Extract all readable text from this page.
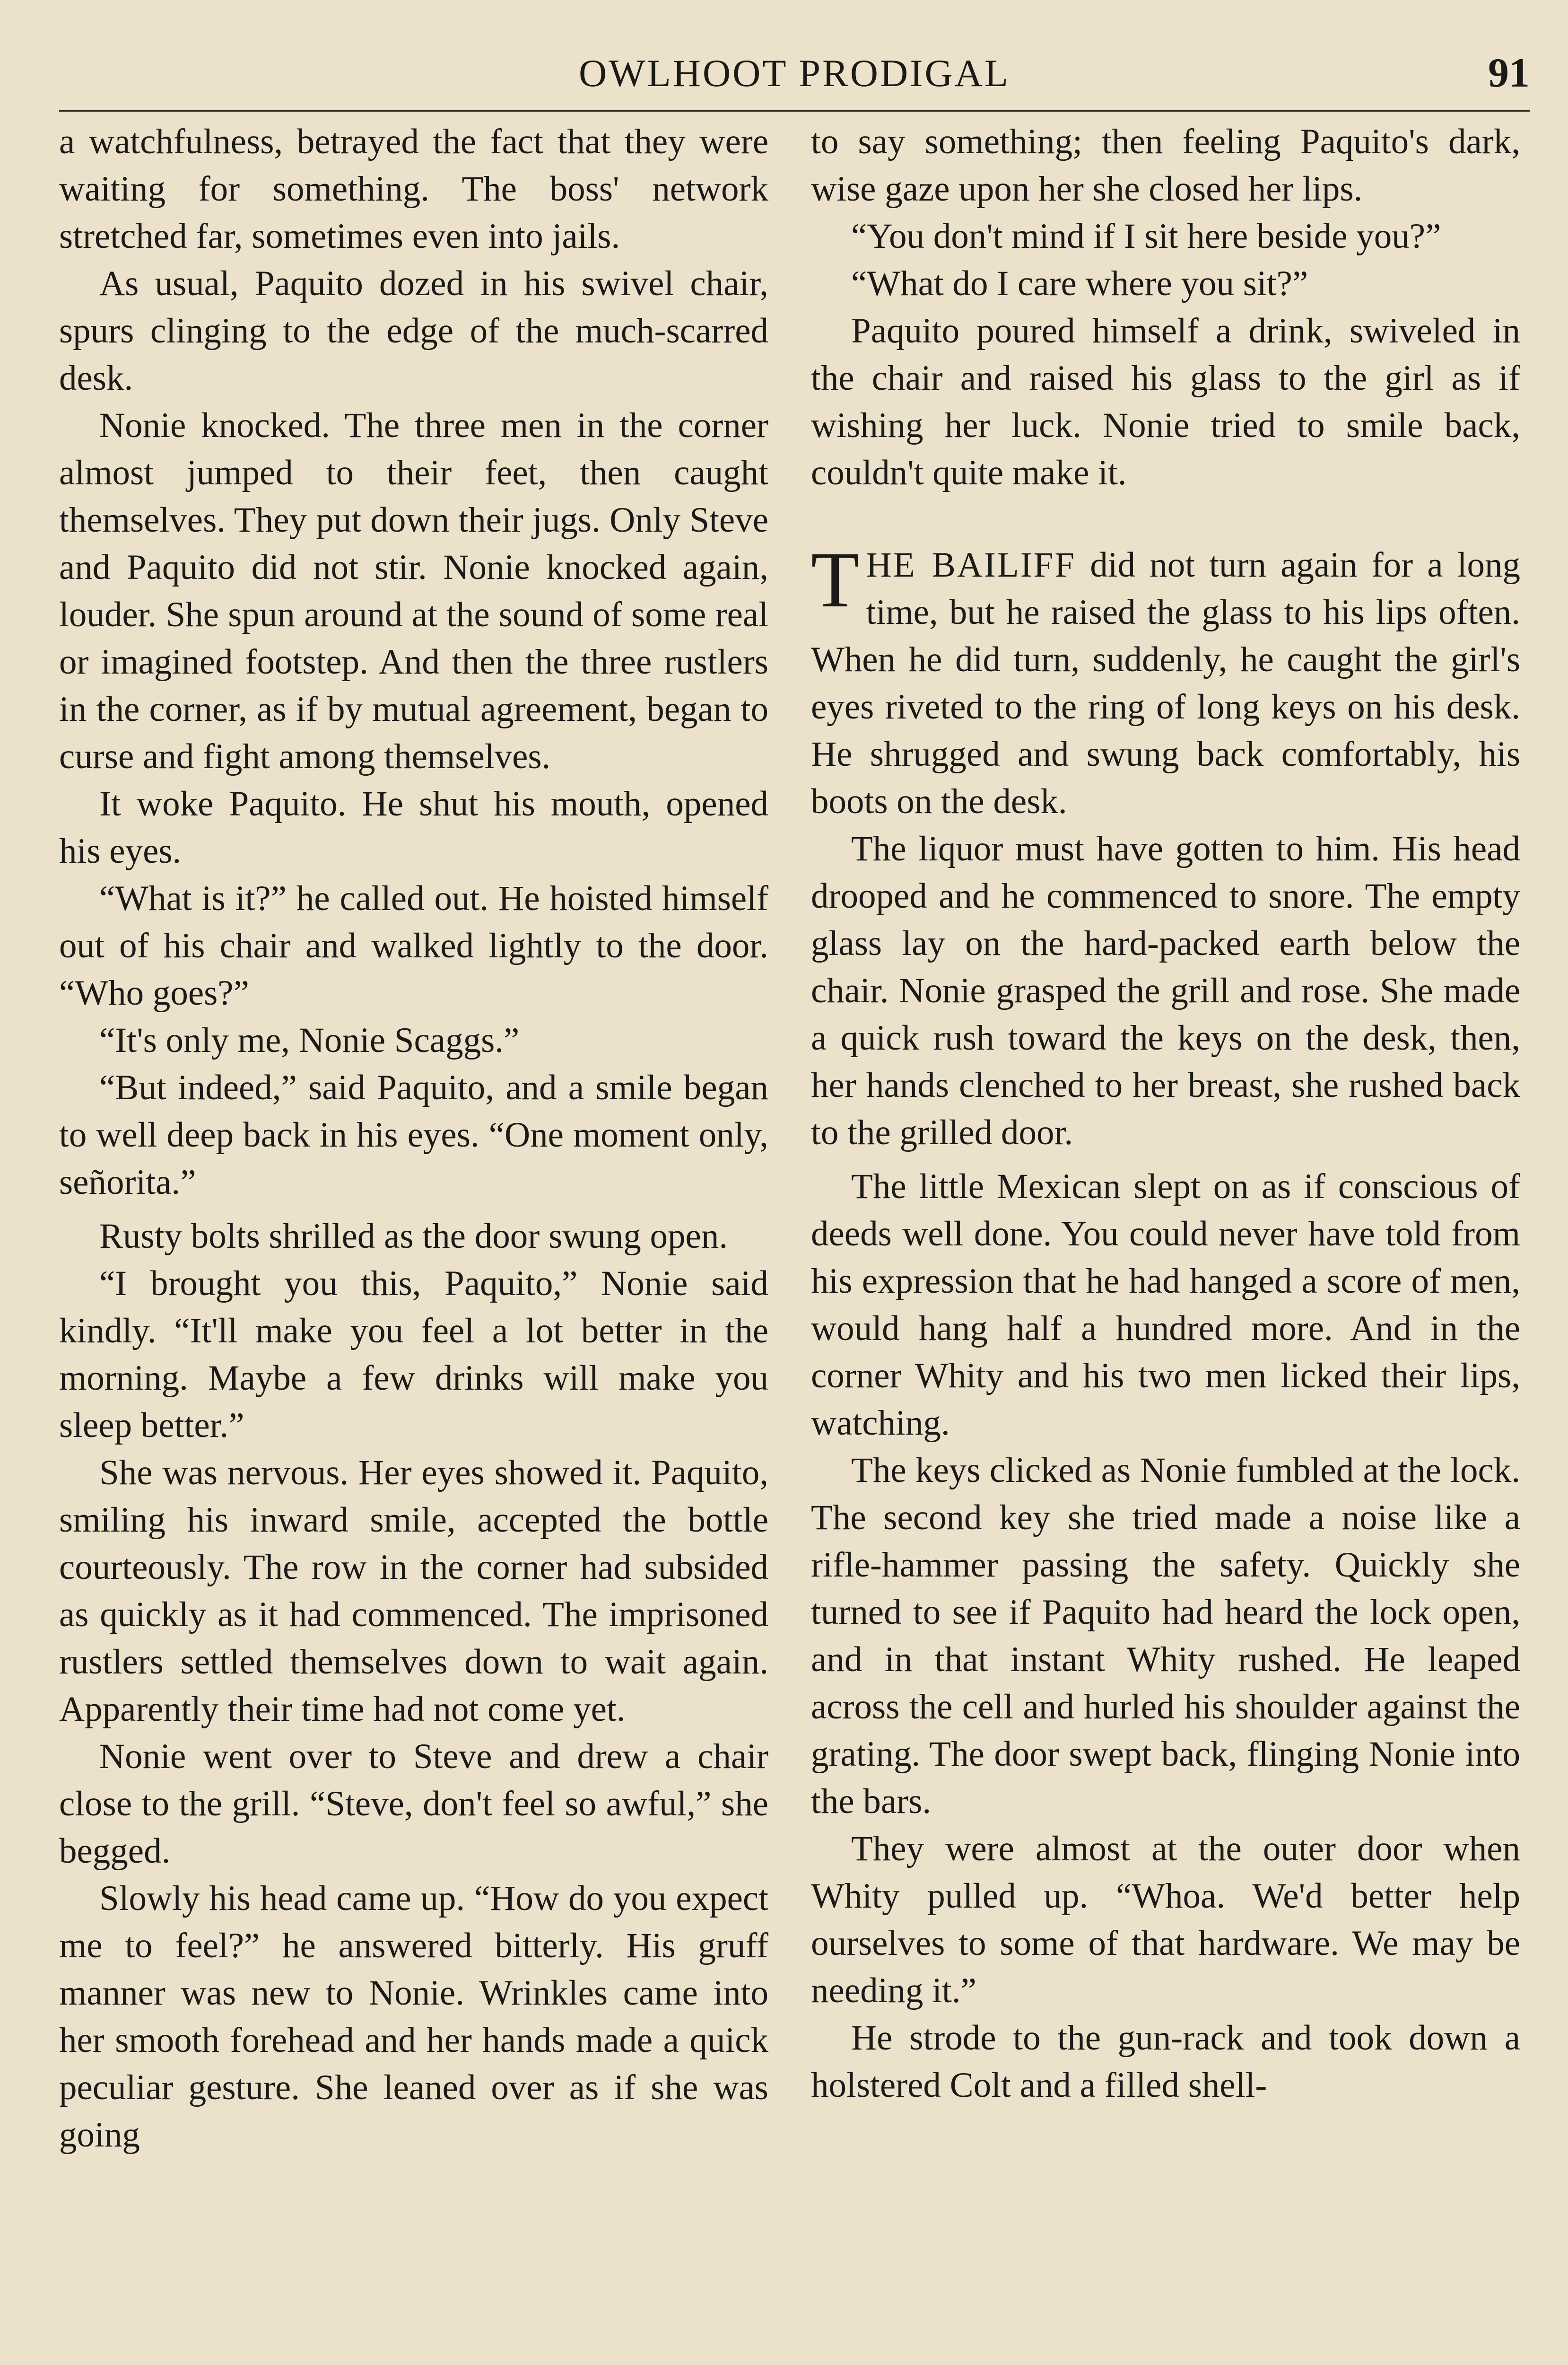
OWLHOOT PRODIGAL	91

a watchfulness, betrayed the fact that they were waiting for something. The boss' network stretched far, sometimes even into jails.

As usual, Paquito dozed in his swivel chair, spurs clinging to the edge of the much-scarred desk.

Nonie knocked. The three men in the corner almost jumped to their feet, then caught themselves. They put down their jugs. Only Steve and Paquito did not stir. Nonie knocked again, louder. She spun around at the sound of some real or imagined footstep. And then the three rustlers in the corner, as if by mutual agreement, began to curse and fight among themselves.

It woke Paquito. He shut his mouth, opened his eyes.

“What is it?” he called out. He hoisted himself out of his chair and walked lightly to the door. “Who goes?”

“It's only me, Nonie Scaggs.”

“But indeed,” said Paquito, and a smile began to well deep back in his eyes. “One moment only, señorita.”

Rusty bolts shrilled as the door swung open.

“I brought you this, Paquito,” Nonie said kindly. “It'll make you feel a lot better in the morning. Maybe a few drinks will make you sleep better.”

She was nervous. Her eyes showed it. Paquito, smiling his inward smile, accepted the bottle courteously. The row in the corner had subsided as quickly as it had commenced. The imprisoned rustlers settled themselves down to wait again. Apparently their time had not come yet.

Nonie went over to Steve and drew a chair close to the grill. “Steve, don't feel so awful,” she begged.

Slowly his head came up. “How do you expect me to feel?” he answered bitterly. His gruff manner was new to Nonie. Wrinkles came into her smooth forehead and her hands made a quick peculiar gesture. She leaned over as if she was going

to say something; then feeling Paquito's dark, wise gaze upon her she closed her lips.

“You don't mind if I sit here beside you?”

“What do I care where you sit?”

Paquito poured himself a drink, swiveled in the chair and raised his glass to the girl as if wishing her luck. Nonie tried to smile back, couldn't quite make it.

THE BAILIFF did not turn again for a long time, but he raised the glass to his lips often. When he did turn, suddenly, he caught the girl's eyes riveted to the ring of long keys on his desk. He shrugged and swung back comfortably, his boots on the desk.

The liquor must have gotten to him. His head drooped and he commenced to snore. The empty glass lay on the hard-packed earth below the chair. Nonie grasped the grill and rose. She made a quick rush toward the keys on the desk, then, her hands clenched to her breast, she rushed back to the grilled door.

The little Mexican slept on as if conscious of deeds well done. You could never have told from his expression that he had hanged a score of men, would hang half a hundred more. And in the corner Whity and his two men licked their lips, watching.

The keys clicked as Nonie fumbled at the lock. The second key she tried made a noise like a rifle-hammer passing the safety. Quickly she turned to see if Paquito had heard the lock open, and in that instant Whity rushed. He leaped across the cell and hurled his shoulder against the grating. The door swept back, flinging Nonie into the bars.

They were almost at the outer door when Whity pulled up. “Whoa. We'd better help ourselves to some of that hardware. We may be needing it.”

He strode to the gun-rack and took down a holstered Colt and a filled shell-
